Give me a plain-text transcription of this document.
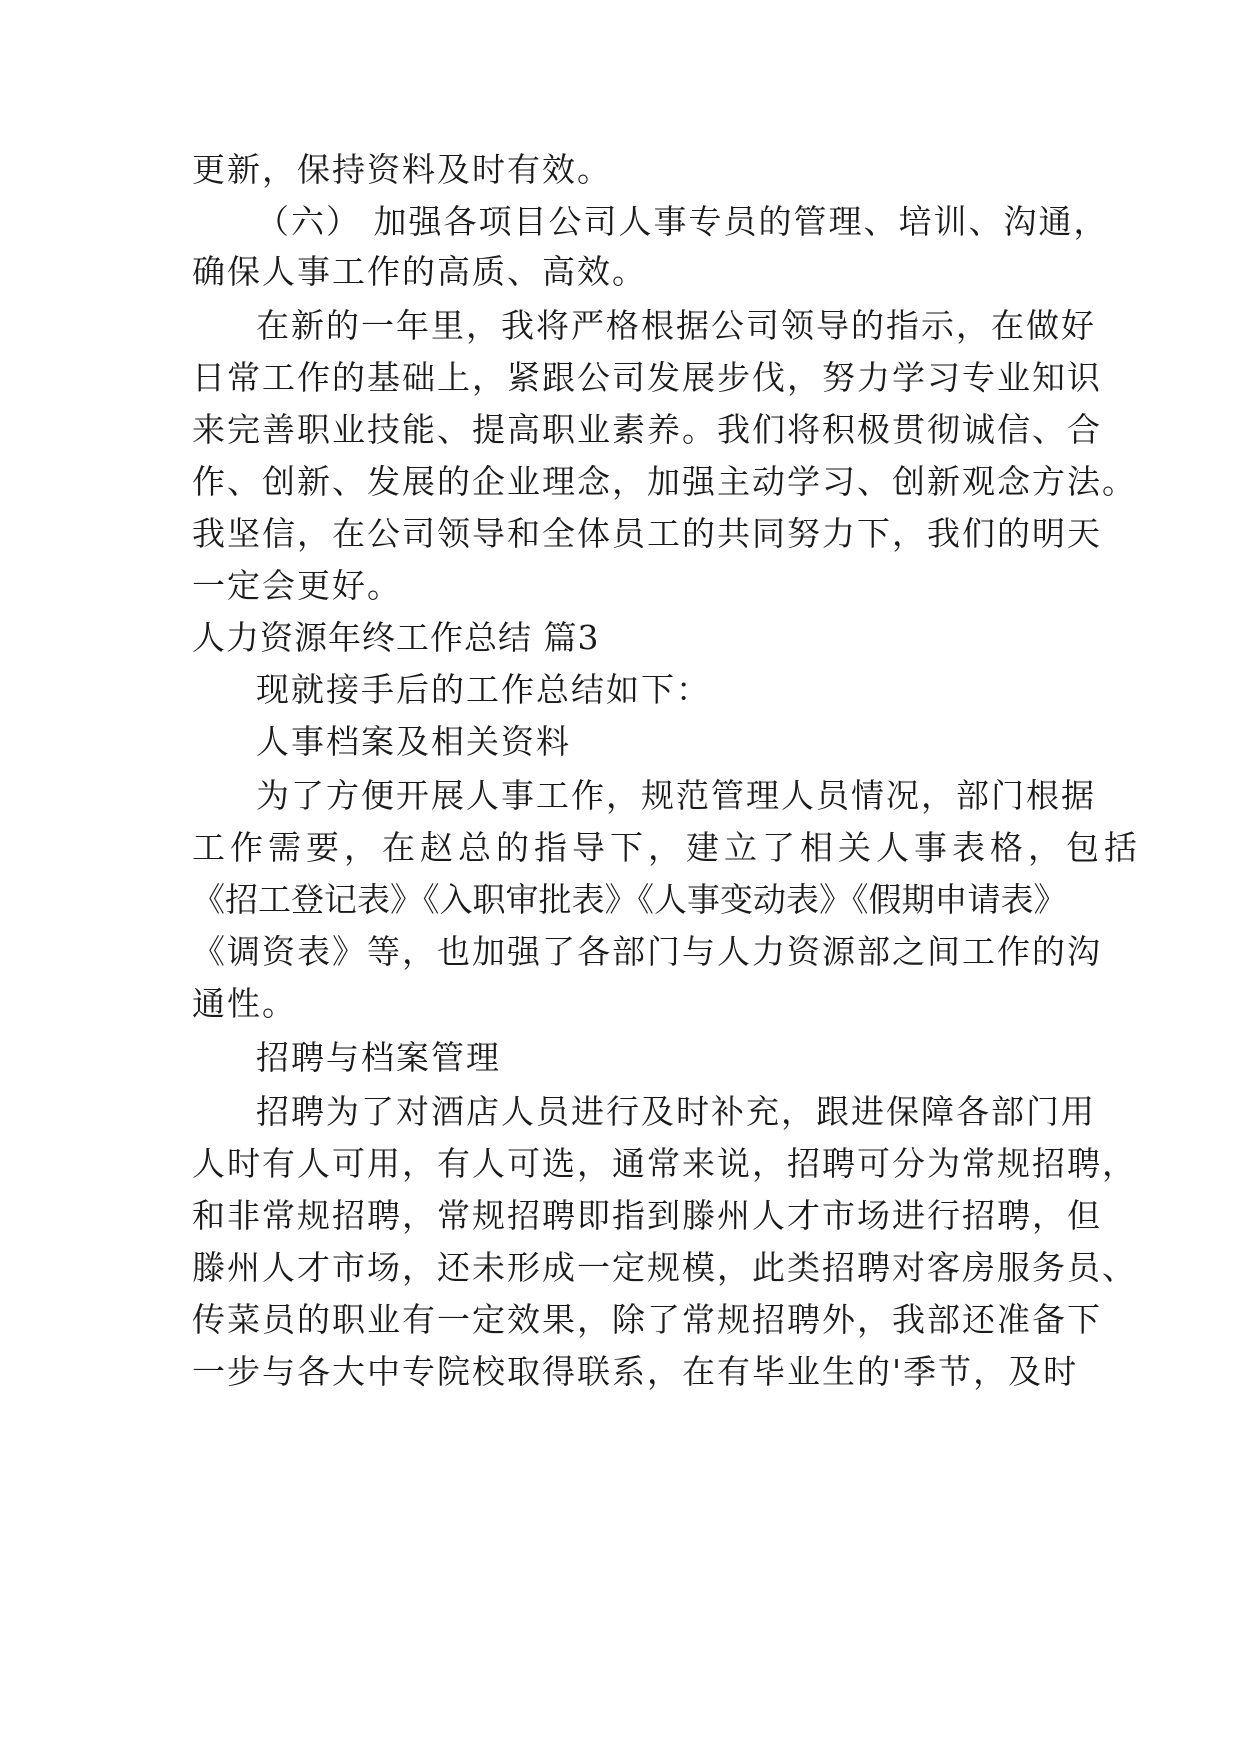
更新，保持资料及时有效。
（六） 加强各项目公司人事专员的管理、培训、沟通，
确保人事工作的高质、高效。
在新的一年里，我将严格根据公司领导的指示，在做好
日常工作的基础上，紧跟公司发展步伐，努力学习专业知识
来完善职业技能、提高职业素养。我们将积极贯彻诚信、合
作、创新、发展的企业理念，加强主动学习、创新观念方法。
我坚信，在公司领导和全体员工的共同努力下，我们的明天
一定会更好。
人力资源年终工作总结 篇3
现就接手后的工作总结如下：
人事档案及相关资料
为了方便开展人事工作，规范管理人员情况，部门根据
工作需要，在赵总的指导下，建立了相关人事表格，包括
《招工登记表》《入职审批表》《人事变动表》《假期申请表》
《调资表》等，也加强了各部门与人力资源部之间工作的沟
通性。
招聘与档案管理
招聘为了对酒店人员进行及时补充，跟进保障各部门用
人时有人可用，有人可选，通常来说，招聘可分为常规招聘，
和非常规招聘，常规招聘即指到滕州人才市场进行招聘，但
滕州人才市场，还未形成一定规模，此类招聘对客房服务员、
传菜员的职业有一定效果，除了常规招聘外，我部还准备下
一步与各大中专院校取得联系，在有毕业生的'季节，及时
